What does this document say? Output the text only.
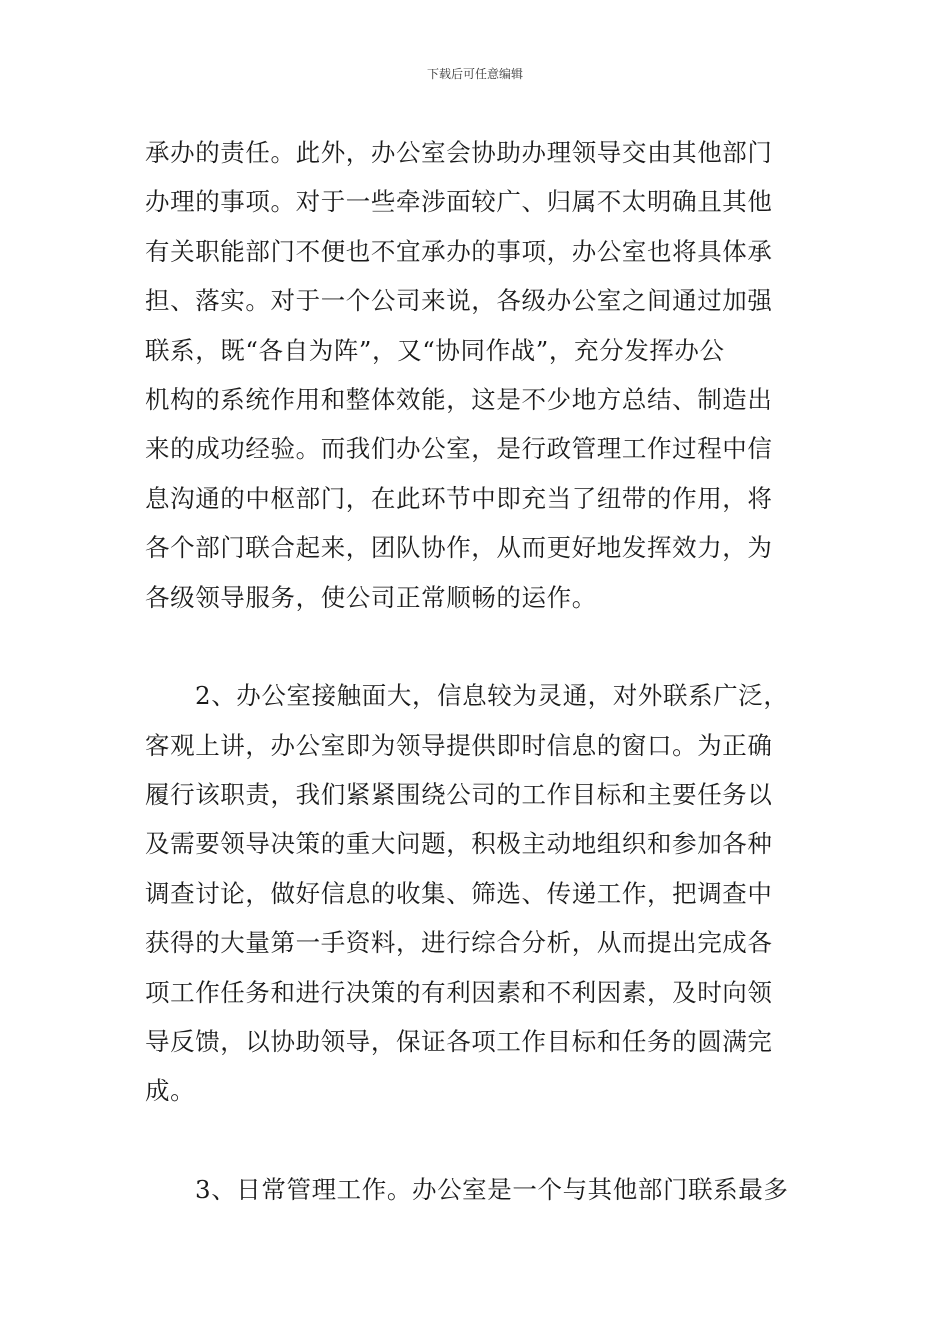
下载后可任意编辑
承办的责任。此外，办公室会协助办理领导交由其他部门
办理的事项。对于一些牵涉面较广、归属不太明确且其他
有关职能部门不便也不宜承办的事项，办公室也将具体承
担、落实。对于一个公司来说，各级办公室之间通过加强
联系，既“各自为阵”，又“协同作战”，充分发挥办公
机构的系统作用和整体效能，这是不少地方总结、制造出
来的成功经验。而我们办公室，是行政管理工作过程中信
息沟通的中枢部门，在此环节中即充当了纽带的作用，将
各个部门联合起来，团队协作，从而更好地发挥效力，为
各级领导服务，使公司正常顺畅的运作。
2、办公室接触面大，信息较为灵通，对外联系广泛，
客观上讲，办公室即为领导提供即时信息的窗口。为正确
履行该职责，我们紧紧围绕公司的工作目标和主要任务以
及需要领导决策的重大问题，积极主动地组织和参加各种
调查讨论，做好信息的收集、筛选、传递工作，把调查中
获得的大量第一手资料，进行综合分析，从而提出完成各
项工作任务和进行决策的有利因素和不利因素，及时向领
导反馈，以协助领导，保证各项工作目标和任务的圆满完
成。
3、日常管理工作。办公室是一个与其他部门联系最多
